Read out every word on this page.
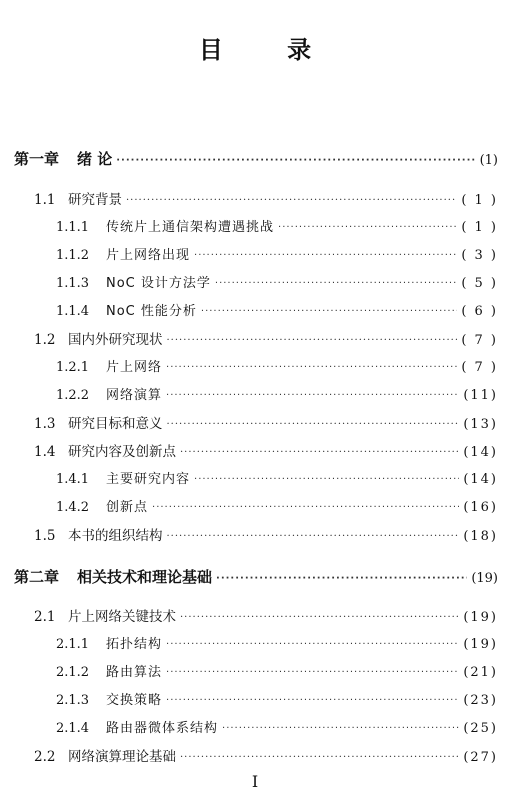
目 录
第一章 绪 论 ·····	(1)
1.1 研究背景 ·····	( 1 )
1.1.1	传统片上通信架构遭遇挑战 ·····	( 1 )
1.1.2	片上网络出现 ·····	( 3 )
1.1.3	NoC 设计方法学 ·····	( 5 )
1.1.4	NoC 性能分析 ·····	( 6 )
1.2 国内外研究现状 ·····	( 7 )
1.2.1	片上网络 ·····	( 7 )
1.2.2	网络演算 ·····	(11)
1.3 研究目标和意义 ·····	(13)
1.4 研究内容及创新点 ·····	(14)
1.4.1	主要研究内容 ·····	(14)
1.4.2	创新点 ·····	(16)
1.5 本书的组织结构 ·····	(18)
第二章 相关技术和理论基础 ·····	(19)
2.1 片上网络关键技术 ·····	(19)
2.1.1	拓扑结构 ·····	(19)
2.1.2	路由算法 ·····	(21)
2.1.3	交换策略 ·····	(23)
2.1.4	路由器微体系结构 ·····	(25)
2.2 网络演算理论基础 ·····	(27)
I
